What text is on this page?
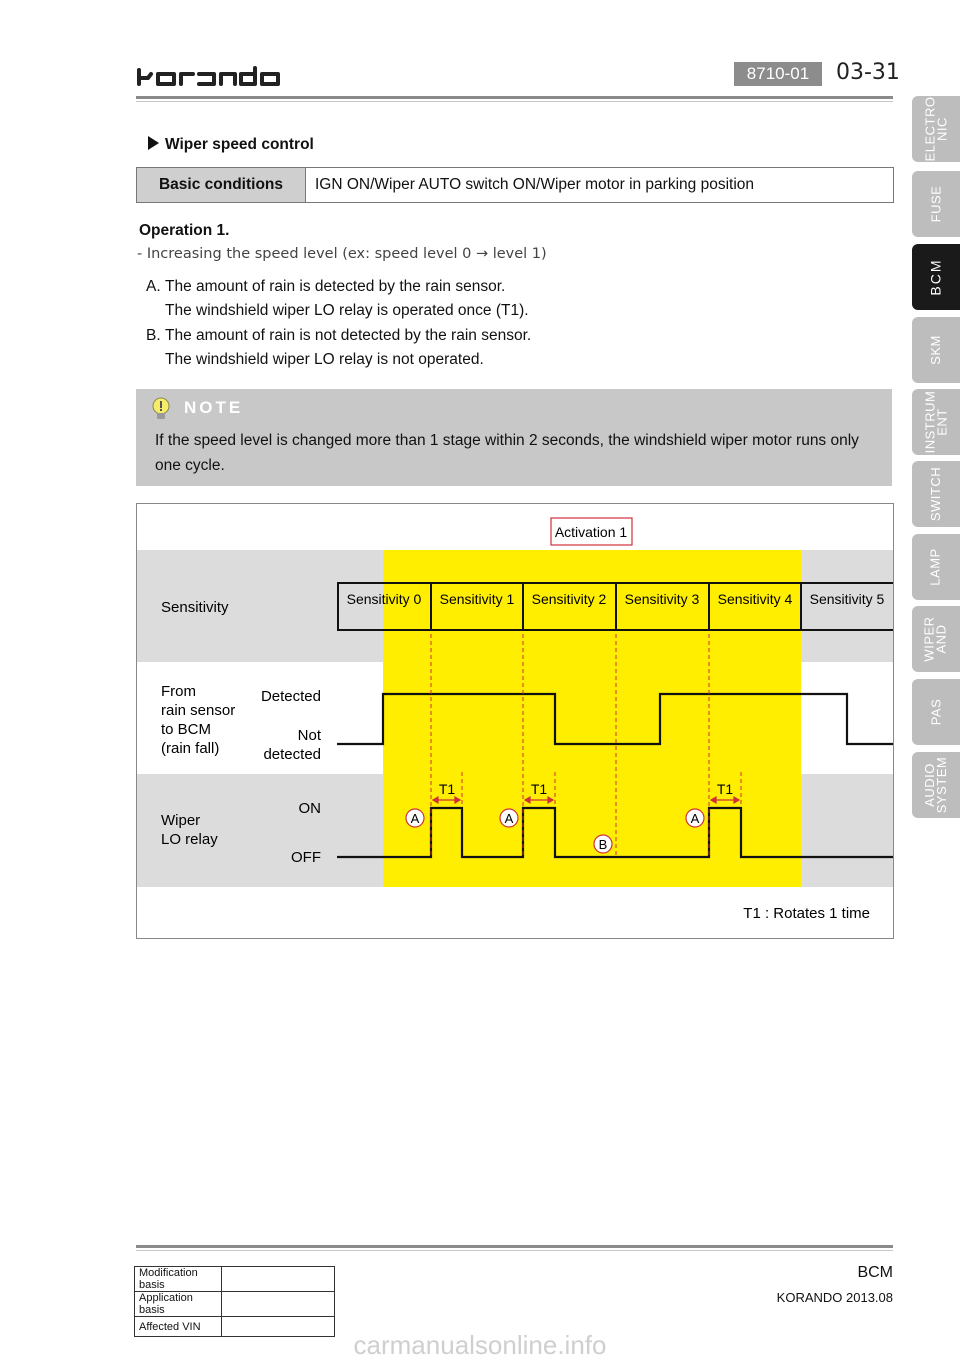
8710-01	03-31
ELECTRO
NIC
FUSE
BCM
SKM
INSTRUM
ENT
SWITCH
LAMP
WIPER
AND
PAS
AUDIO
SYSTEM
Wiper speed control
Basic conditions	IGN ON/Wiper AUTO switch ON/Wiper motor in parking position
Operation 1.
- Increasing the speed level (ex: speed level 0 → level 1)
A. The amount of rain is detected by the rain sensor.
The windshield wiper LO relay is operated once (T1).
B. The amount of rain is not detected by the rain sensor.
The windshield wiper LO relay is not operated.
NOTE
If the speed level is changed more than 1 stage within 2 seconds, the windshield wiper motor runs only one cycle.
Activation 1
Sensitivity 0 Sensitivity 1 Sensitivity 2 Sensitivity 3 Sensitivity 4 Sensitivity 5
Sensitivity
From
rain sensor
to BCM
(rain fall)
Detected
Not
detected
Wiper
LO relay
ON
OFF
T1	T1	T1
A	A
B
A
T1 : Rotates 1 time
BCM
KORANDO 2013.08
Modification basis	
Application basis	
Affected VIN	
carmanualsonline.info
